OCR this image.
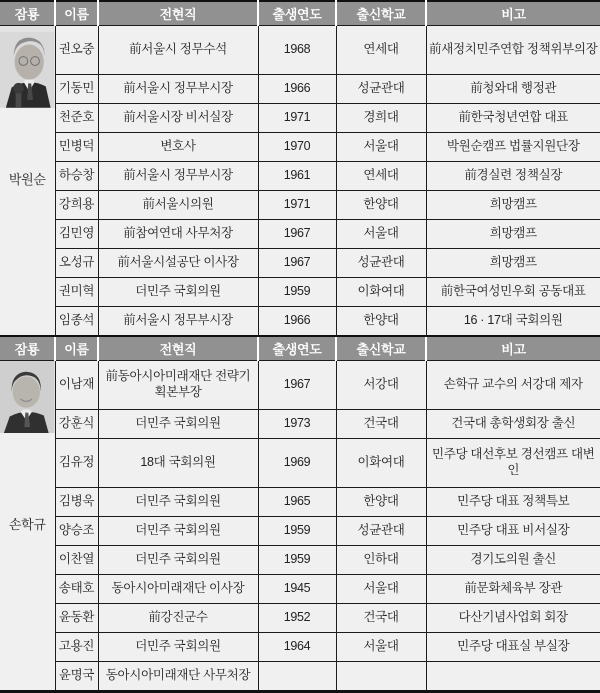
잠룡	이름	전현직	출생연도	출신학교	비고

박원순	권오중	前서울시 정무수석	1968	연세대	前새정치민주연합 정책위부의장
	기동민	前서울시 정무부시장	1966	성균관대	前청와대 행정관
	천준호	前서울시장 비서실장	1971	경희대	前한국청년연합 대표
	민병덕	변호사	1970	서울대	박원순캠프 법률지원단장
	하승창	前서울시 정무부시장	1961	연세대	前경실련 정책실장
	강희용	前서울시의원	1971	한양대	희망캠프
	김민영	前참여연대 사무처장	1967	서울대	희망캠프
	오성규	前서울시설공단 이사장	1967	성균관대	희망캠프
	권미혁	더민주 국회의원	1959	이화여대	前한국여성민우회 공동대표
	임종석	前서울시 정무부시장	1966	한양대	16 · 17대 국회의원
잠룡	이름	전현직	출생연도	출신학교	비고

손학규	이남재	前동아시아미래재단 전략기획본부장	1967	서강대	손학규 교수의 서강대 제자
	강훈식	더민주 국회의원	1973	건국대	건국대 총학생회장 출신
	김유정	18대 국회의원	1969	이화여대	민주당 대선후보 경선캠프 대변인
	김병욱	더민주 국회의원	1965	한양대	민주당 대표 정책특보
	양승조	더민주 국회의원	1959	성균관대	민주당 대표 비서실장
	이찬열	더민주 국회의원	1959	인하대	경기도의원 출신
	송태호	동아시아미래재단 이사장	1945	서울대	前문화체육부 장관
	윤동환	前강진군수	1952	건국대	다산기념사업회 회장
	고용진	더민주 국회의원	1964	서울대	민주당 대표실 부실장
	윤명국	동아시아미래재단 사무처장			
